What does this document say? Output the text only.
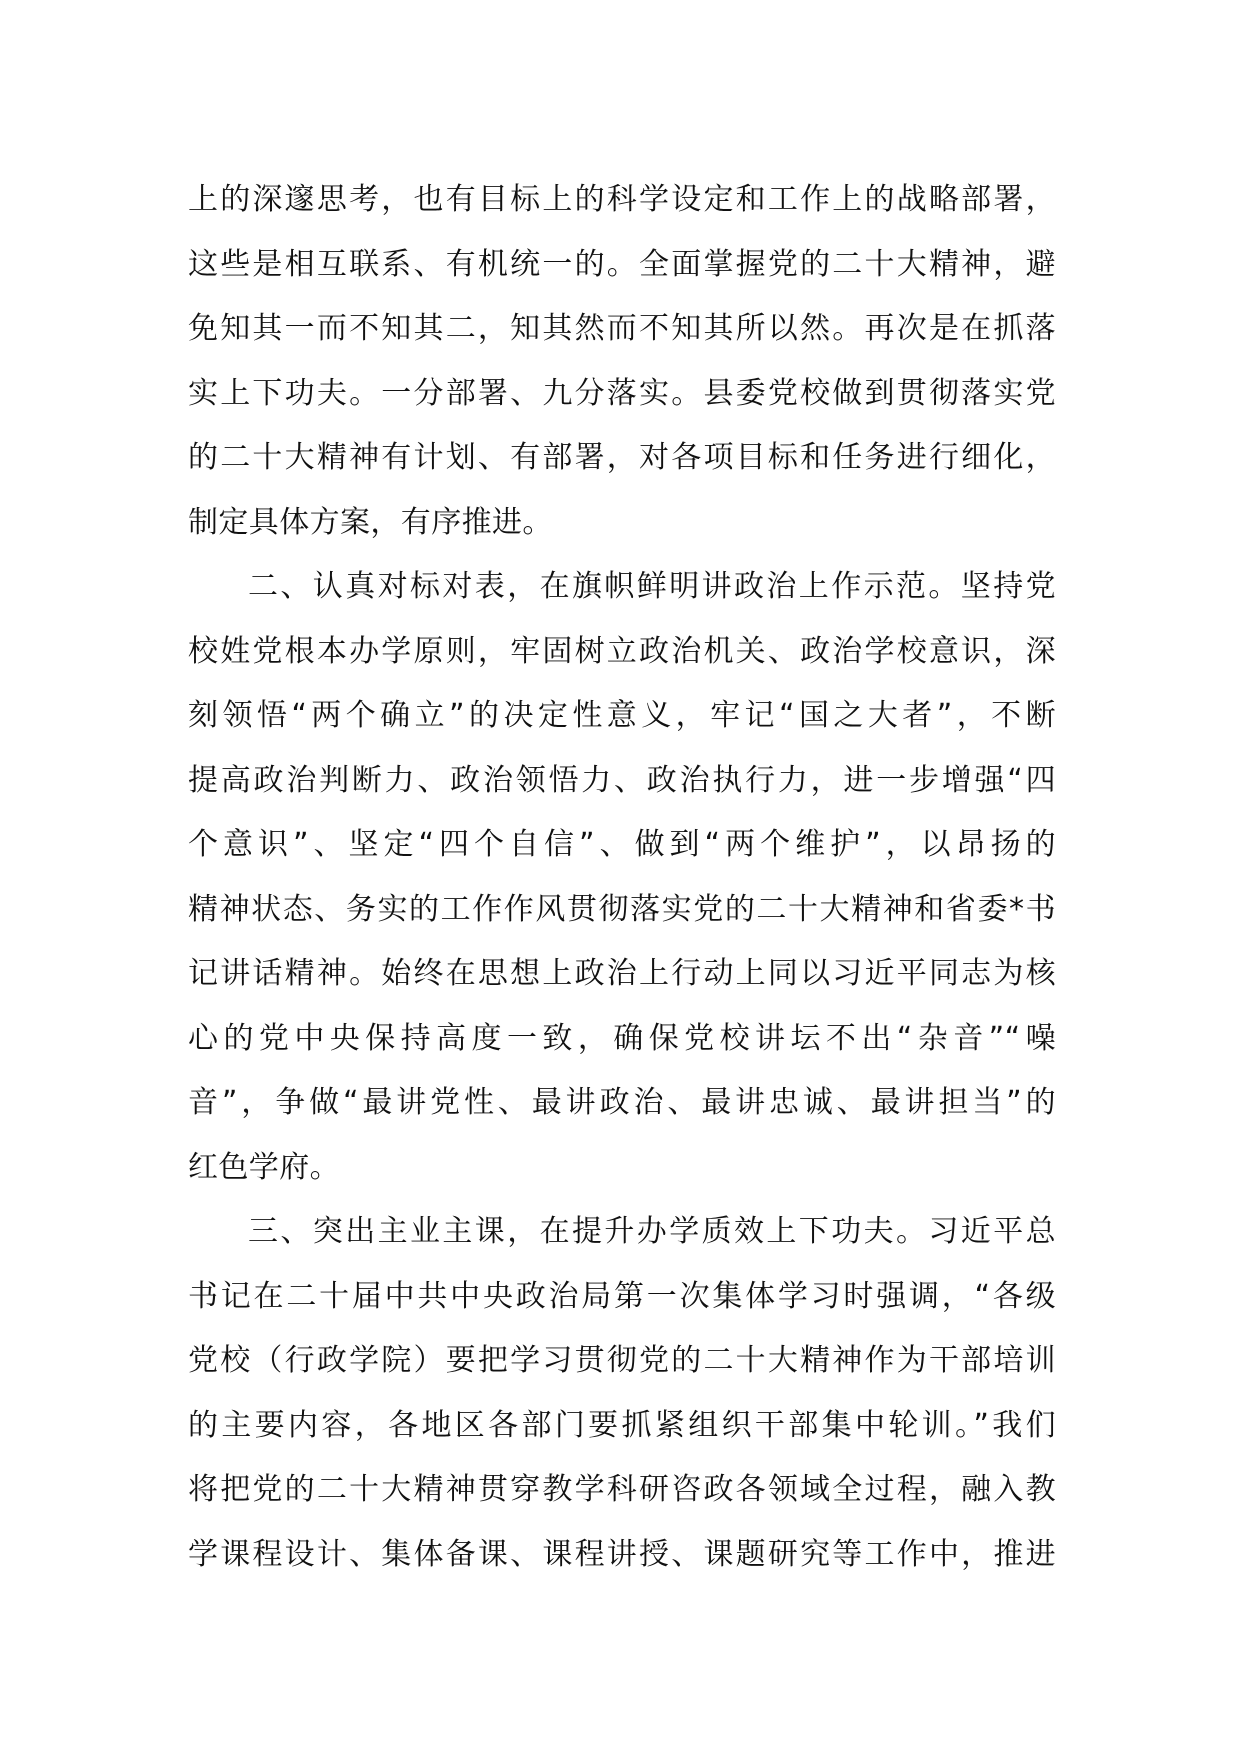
上的深邃思考，也有目标上的科学设定和工作上的战略部署，
这些是相互联系、有机统一的。全面掌握党的二十大精神，避
免知其一而不知其二，知其然而不知其所以然。再次是在抓落
实上下功夫。一分部署、九分落实。县委党校做到贯彻落实党
的二十大精神有计划、有部署，对各项目标和任务进行细化，
制定具体方案，有序推进。
二、认真对标对表，在旗帜鲜明讲政治上作示范。坚持党
校姓党根本办学原则，牢固树立政治机关、政治学校意识，深
刻领悟“两个确立”的决定性意义，牢记“国之大者”，不断
提高政治判断力、政治领悟力、政治执行力，进一步增强“四
个意识”、坚定“四个自信”、做到“两个维护”，以昂扬的
精神状态、务实的工作作风贯彻落实党的二十大精神和省委*书
记讲话精神。始终在思想上政治上行动上同以习近平同志为核
心的党中央保持高度一致，确保党校讲坛不出“杂音”“噪
音”，争做“最讲党性、最讲政治、最讲忠诚、最讲担当”的
红色学府。
三、突出主业主课，在提升办学质效上下功夫。习近平总
书记在二十届中共中央政治局第一次集体学习时强调，“各级
党校（行政学院）要把学习贯彻党的二十大精神作为干部培训
的主要内容，各地区各部门要抓紧组织干部集中轮训。”我们
将把党的二十大精神贯穿教学科研咨政各领域全过程，融入教
学课程设计、集体备课、课程讲授、课题研究等工作中，推进
